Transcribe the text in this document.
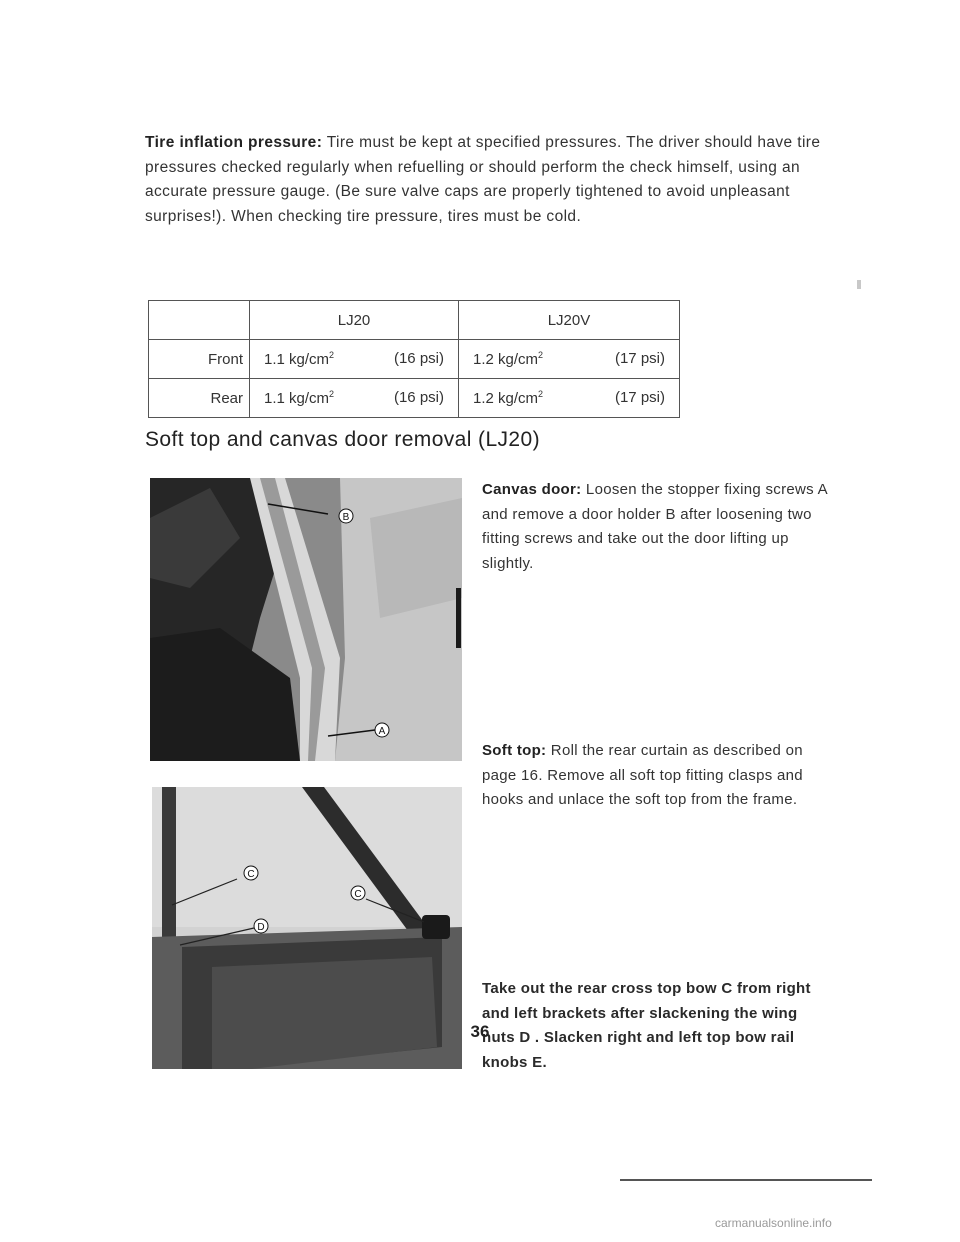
Tire inflation pressure: Tire must be kept at specified pressures. The driver should have tire pressures checked regularly when refuelling or should perform the check himself, using an accurate pressure gauge. (Be sure valve caps are properly tightened to avoid unpleasant surprises!). When checking tire pressure, tires must be cold.

	LJ20	LJ20V
Front	1.1 $kg/cm^2$ (16 psi)	1.2 $kg/cm^2$ (17 psi)

Rear	1.1 $kg/cm^2$ (16 psi)	1.2 $kg/cm^2$ (17 psi)
Soft top and canvas door removal (LJ20)
B
A
C
C
D

Canvas door: Loosen the stopper fixing screws A and remove a door holder B after loosening two fitting screws and take out the door lifting up slightly.

Soft top: Roll the rear curtain as described on page 16. Remove all soft top fitting clasps and hooks and unlace the soft top from the frame.

Take out the rear cross top bow C from right and left brackets after slackening the wing nuts D . Slacken right and left top bow rail knobs E.

36
carmanualsonline.info
